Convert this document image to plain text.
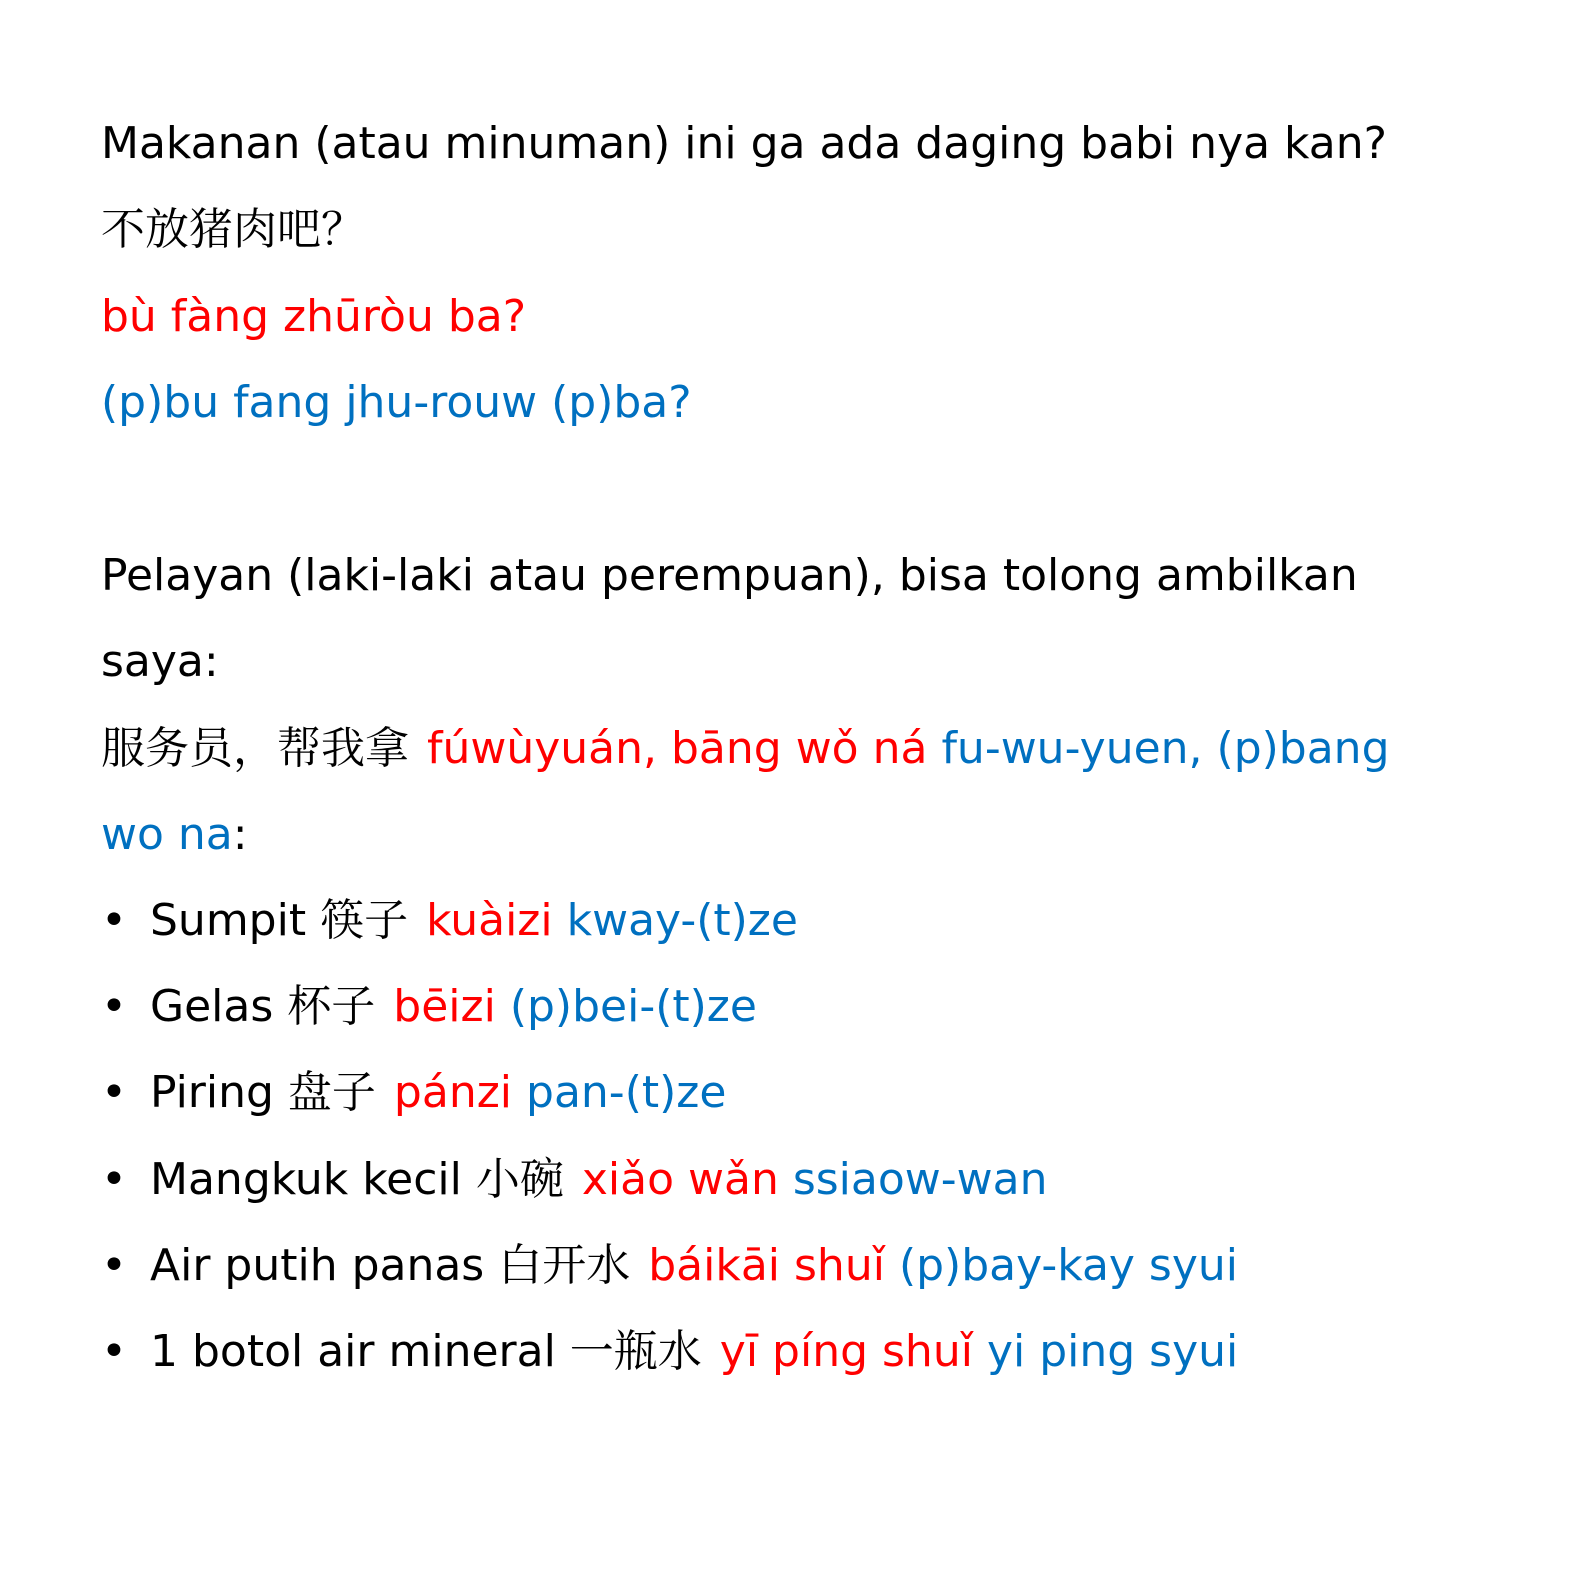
Makanan (atau minuman) ini ga ada daging babi nya kan?
不放猪肉吧？
bù fàng zhūròu ba?
(p)bu fang jhu-rouw (p)ba?
Pelayan (laki-laki atau perempuan), bisa tolong ambilkan
saya:
服务员，帮我拿 fúwùyuán, bāng wǒ ná fu-wu-yuen, (p)bang
wo na:
• Sumpit 筷子 kuàizi kway-(t)ze
• Gelas 杯子 bēizi (p)bei-(t)ze
• Piring 盘子 pánzi pan-(t)ze
• Mangkuk kecil 小碗 xiǎo wǎn ssiaow-wan
• Air putih panas 白开水 báikāi shuǐ (p)bay-kay syui
• 1 botol air mineral 一瓶水 yī píng shuǐ yi ping syui
